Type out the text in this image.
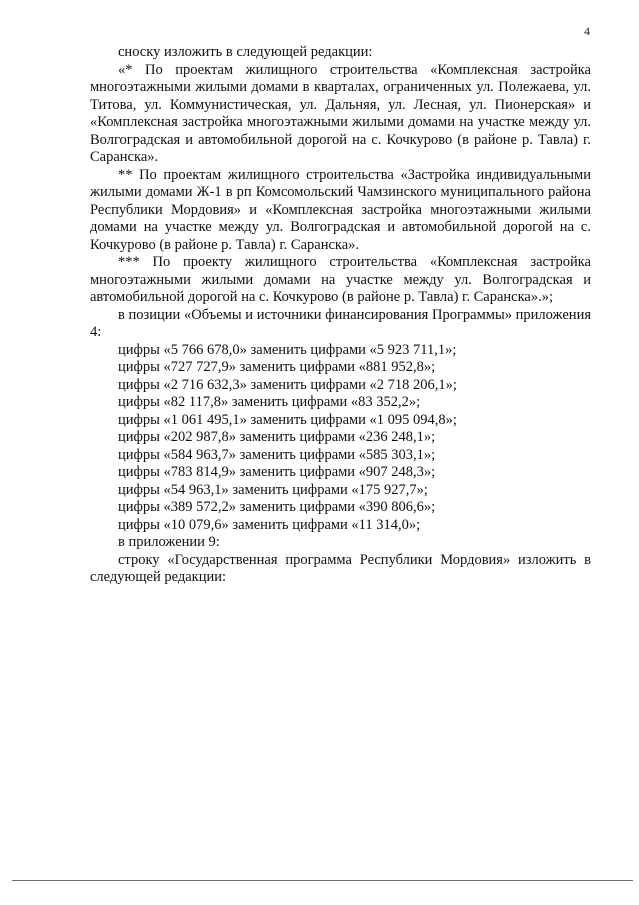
4

сноску изложить в следующей редакции:

«* По проектам жилищного строительства «Комплексная застройка многоэтажными жилыми домами в кварталах, ограниченных ул. Полежаева, ул. Титова, ул. Коммунистическая, ул. Дальняя, ул. Лесная, ул. Пионерская» и «Комплексная застройка многоэтажными жилыми домами на участке между ул. Волгоградская и автомобильной дорогой на с. Кочкурово (в районе р. Тавла) г. Саранска».

** По проектам жилищного строительства «Застройка индивидуальными жилыми домами Ж-1 в рп Комсомольский Чамзинского муниципального района Республики Мордовия» и «Комплексная застройка многоэтажными жилыми домами на участке между ул. Волгоградская и автомобильной дорогой на с. Кочкурово (в районе р. Тавла) г. Саранска».

*** По проекту жилищного строительства «Комплексная застройка многоэтажными жилыми домами на участке между ул. Волгоградская и автомобильной дорогой на с. Кочкурово (в районе р. Тавла) г. Саранска».»;

в позиции «Объемы и источники финансирования Программы» приложения 4:

цифры «5 766 678,0» заменить цифрами «5 923 711,1»;

цифры «727 727,9» заменить цифрами «881 952,8»;

цифры «2 716 632,3» заменить цифрами «2 718 206,1»;

цифры «82 117,8» заменить цифрами «83 352,2»;

цифры «1 061 495,1» заменить цифрами «1 095 094,8»;

цифры «202 987,8» заменить цифрами «236 248,1»;

цифры «584 963,7» заменить цифрами «585 303,1»;

цифры «783 814,9» заменить цифрами «907 248,3»;

цифры «54 963,1» заменить цифрами «175 927,7»;

цифры «389 572,2» заменить цифрами «390 806,6»;

цифры «10 079,6» заменить цифрами «11 314,0»;

в приложении 9:

строку «Государственная программа Республики Мордовия» изложить в следующей редакции:
